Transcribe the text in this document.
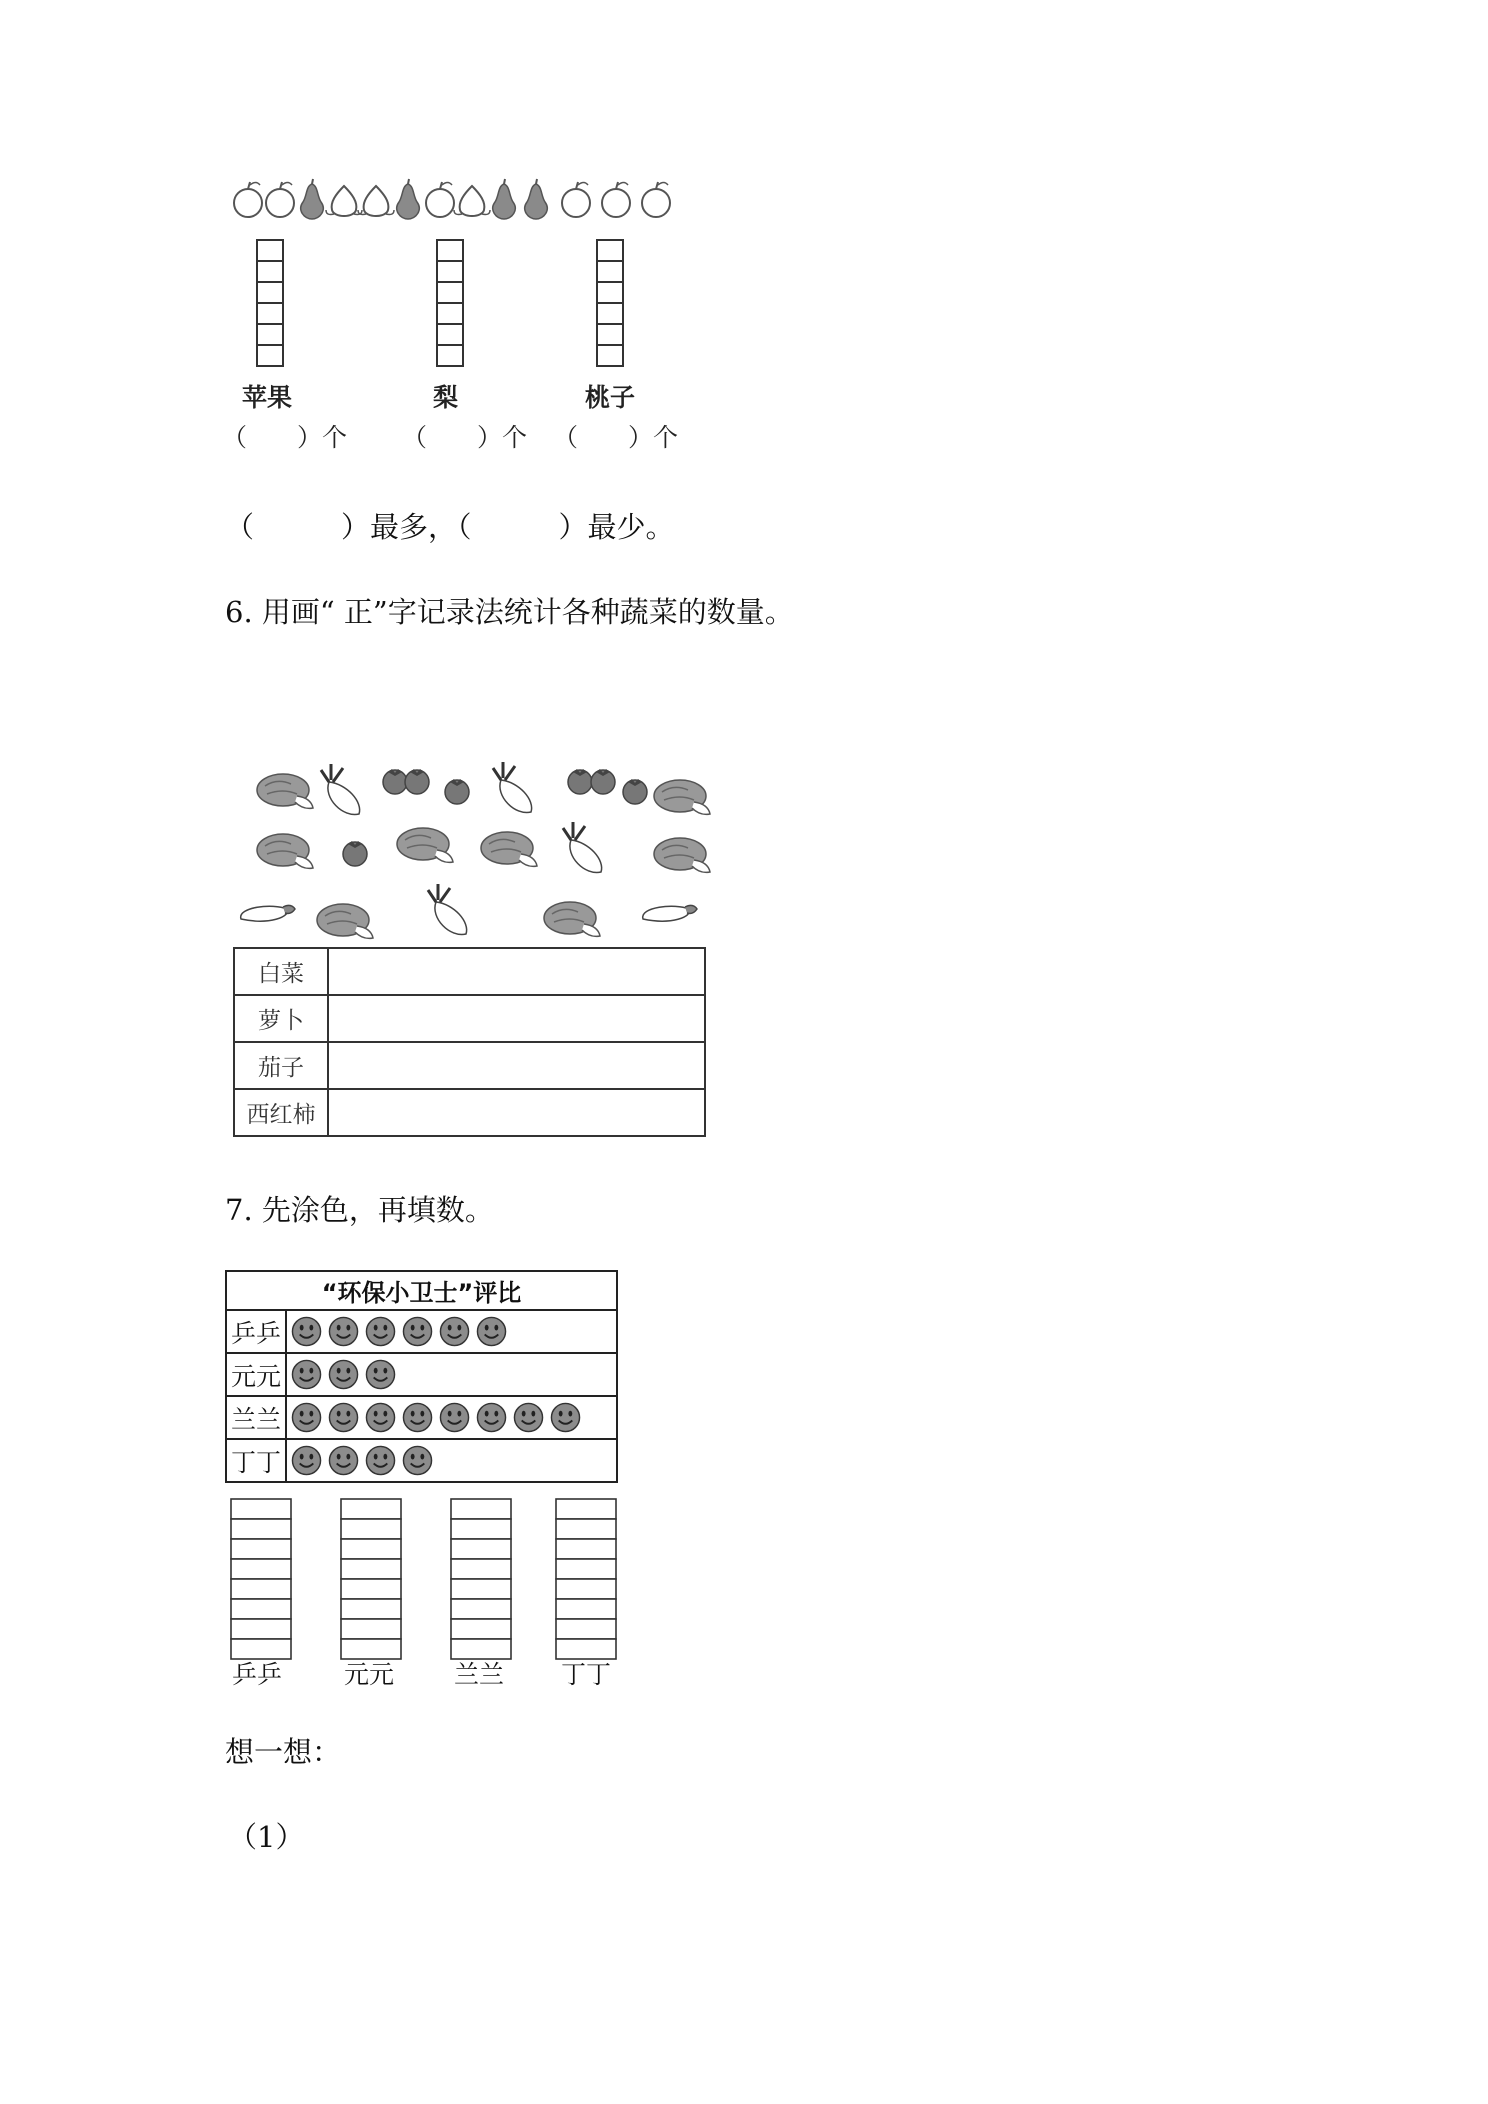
苹果	梨	桃子
（　　）个 （　　）个 （　　）个
（　　　）最多，（　　　）最少。
6. 用画“ 正”字记录法统计各种蔬菜的数量。
白菜	
萝卜	
茄子	
西红柿	
7. 先涂色，再填数。
“环保小卫士”评比	
乒乒	
元元	
兰兰	
丁丁	
乒乒 元元 兰兰 丁丁
想一想：
（1）
